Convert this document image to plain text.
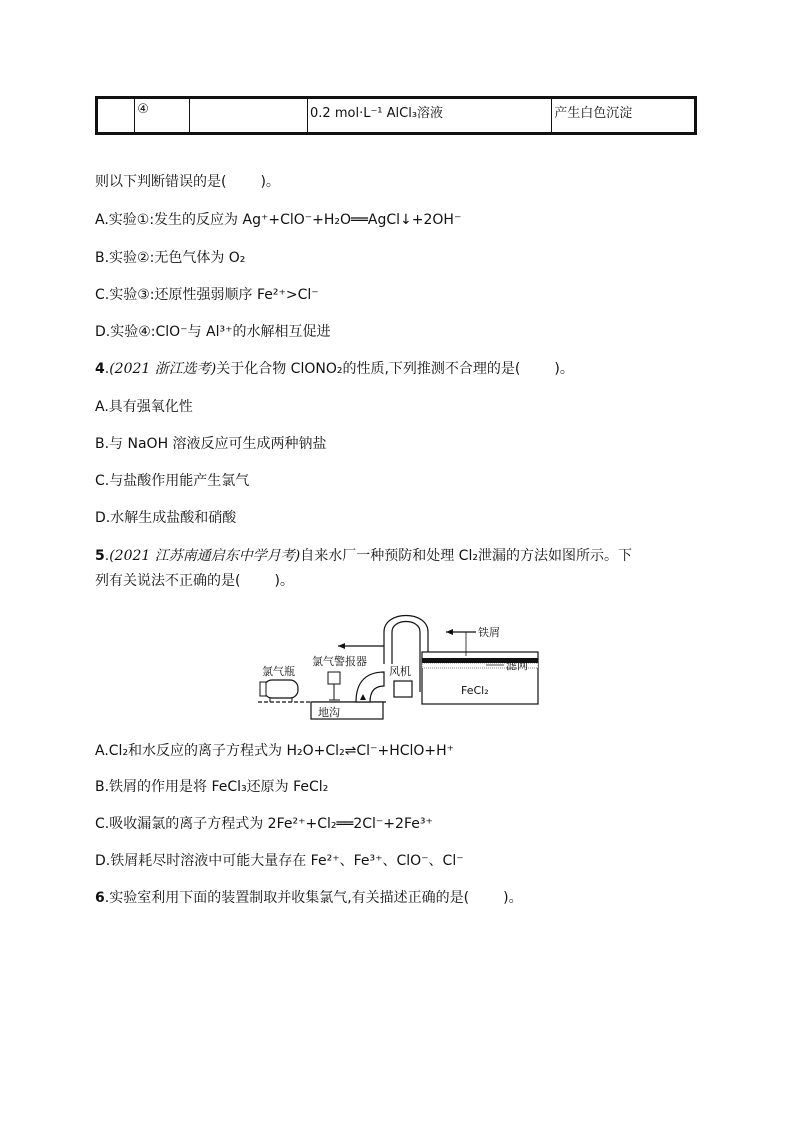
	④		0.2 mol·L⁻¹ AlCl₃溶液	产生白色沉淀
则以下判断错误的是( )。
A.实验①:发生的反应为 Ag⁺+ClO⁻+H₂O══AgCl↓+2OH⁻
B.实验②:无色气体为 O₂
C.实验③:还原性强弱顺序 Fe²⁺>Cl⁻
D.实验④:ClO⁻与 Al³⁺的水解相互促进
4.(2021 浙江选考)关于化合物 ClONO₂的性质,下列推测不合理的是( )。
A.具有强氧化性
B.与 NaOH 溶液反应可生成两种钠盐
C.与盐酸作用能产生氯气
D.水解生成盐酸和硝酸
5.(2021 江苏南通启东中学月考)自来水厂一种预防和处理 Cl₂泄漏的方法如图所示。下
列有关说法不正确的是( )。
氯气瓶
氯气警报器
地沟
风机
铁屑
滤网
FeCl₂
A.Cl₂和水反应的离子方程式为 H₂O+Cl₂⇌Cl⁻+HClO+H⁺
B.铁屑的作用是将 FeCl₃还原为 FeCl₂
C.吸收漏氯的离子方程式为 2Fe²⁺+Cl₂══2Cl⁻+2Fe³⁺
D.铁屑耗尽时溶液中可能大量存在 Fe²⁺、Fe³⁺、ClO⁻、Cl⁻
6.实验室利用下面的装置制取并收集氯气,有关描述正确的是( )。
